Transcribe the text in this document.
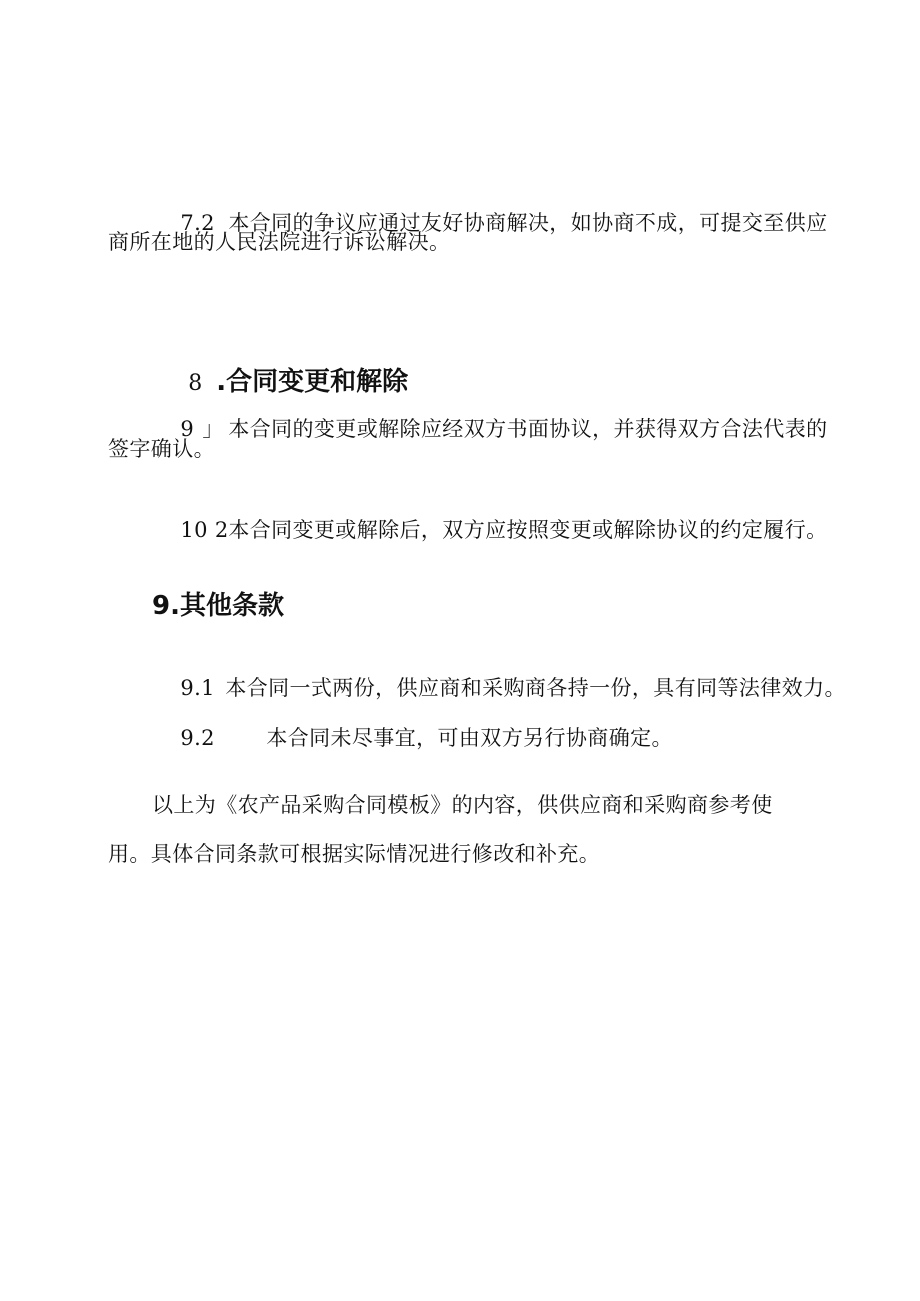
7.2 本合同的争议应通过友好协商解决，如协商不成，可提交至供应

商所在地的人民法院进行诉讼解决。

8 .合同变更和解除

9 」 本合同的变更或解除应经双方书面协议，并获得双方合法代表的

签字确认。

10 2本合同变更或解除后，双方应按照变更或解除协议的约定履行。

9.其他条款

9.1 本合同一式两份，供应商和采购商各持一份，具有同等法律效力。

9.2 本合同未尽事宜，可由双方另行协商确定。

以上为《农产品采购合同模板》的内容，供供应商和采购商参考使
用。具体合同条款可根据实际情况进行修改和补充。
